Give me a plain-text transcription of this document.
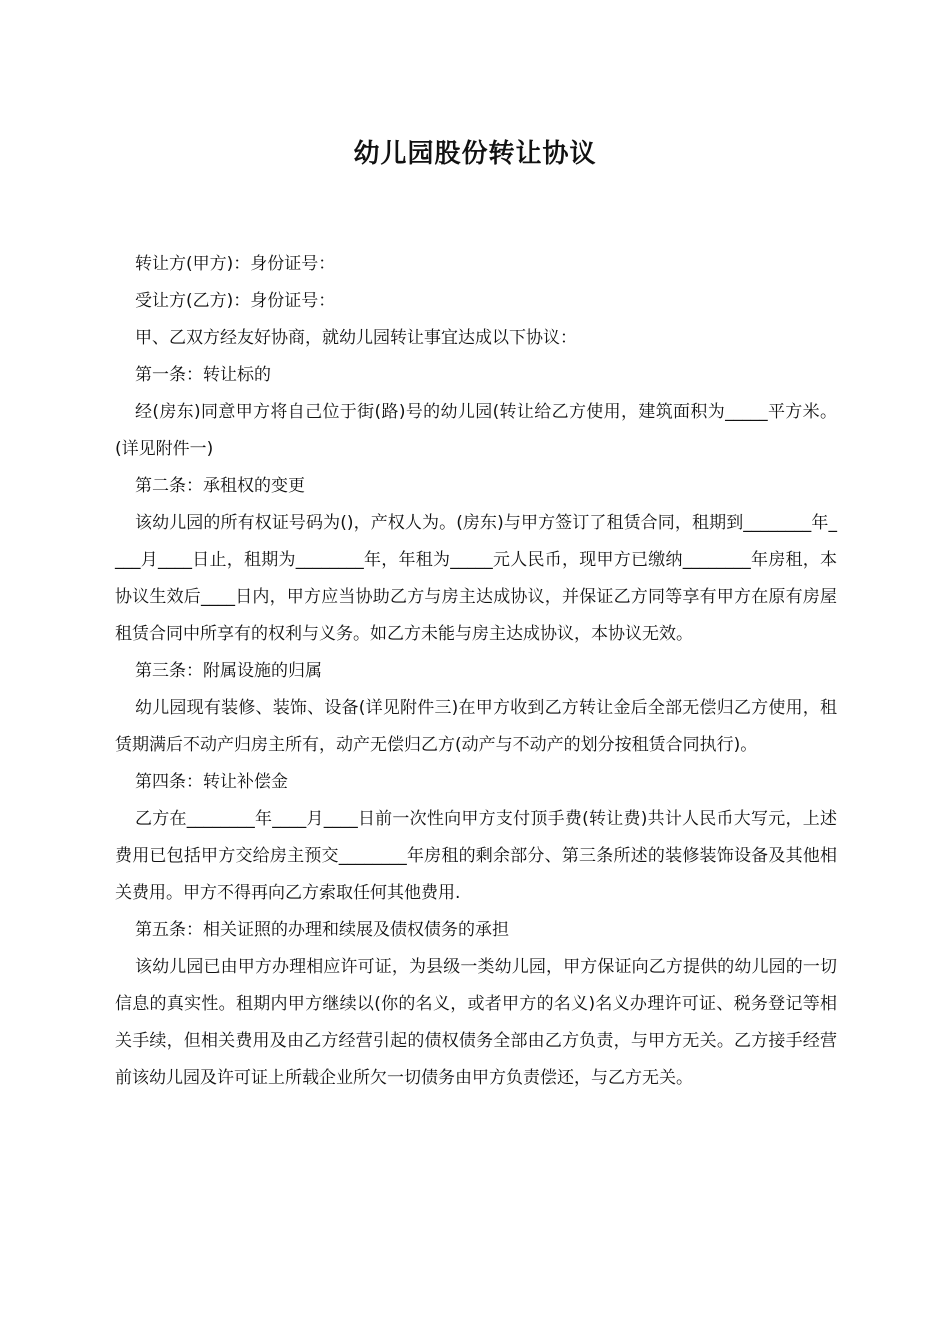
幼儿园股份转让协议

转让方(甲方)：身份证号：

受让方(乙方)：身份证号：

甲、乙双方经友好协商，就幼儿园转让事宜达成以下协议：

第一条：转让标的

经(房东)同意甲方将自己位于街(路)号的幼儿园(转让给乙方使用，建筑面积为_____平方米。(详见附件一)

第二条：承租权的变更

该幼儿园的所有权证号码为()，产权人为。(房东)与甲方签订了租赁合同，租期到________年____月____日止，租期为________年，年租为_____元人民币，现甲方已缴纳________年房租，本协议生效后____日内，甲方应当协助乙方与房主达成协议，并保证乙方同等享有甲方在原有房屋租赁合同中所享有的权利与义务。如乙方未能与房主达成协议，本协议无效。

第三条：附属设施的归属

幼儿园现有装修、装饰、设备(详见附件三)在甲方收到乙方转让金后全部无偿归乙方使用，租赁期满后不动产归房主所有，动产无偿归乙方(动产与不动产的划分按租赁合同执行)。

第四条：转让补偿金

乙方在________年____月____日前一次性向甲方支付顶手费(转让费)共计人民币大写元，上述费用已包括甲方交给房主预交________年房租的剩余部分、第三条所述的装修装饰设备及其他相关费用。甲方不得再向乙方索取任何其他费用.

第五条：相关证照的办理和续展及债权债务的承担

该幼儿园已由甲方办理相应许可证，为县级一类幼儿园，甲方保证向乙方提供的幼儿园的一切信息的真实性。租期内甲方继续以(你的名义，或者甲方的名义)名义办理许可证、税务登记等相关手续，但相关费用及由乙方经营引起的债权债务全部由乙方负责，与甲方无关。乙方接手经营前该幼儿园及许可证上所载企业所欠一切债务由甲方负责偿还，与乙方无关。
